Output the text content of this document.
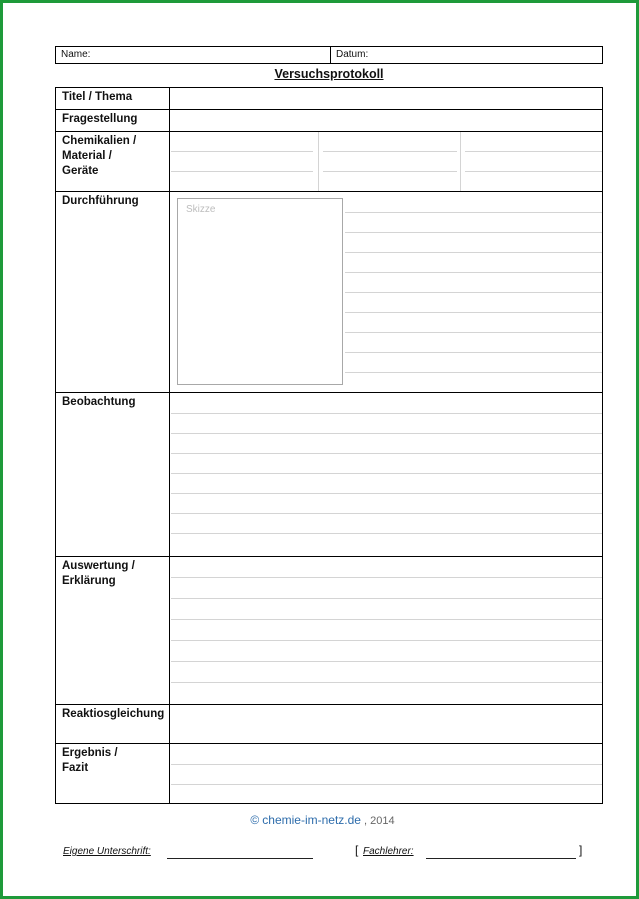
Name:	Datum:
Versuchsprotokoll
Titel / Thema
Fragestellung
Chemikalien /
Material /
Geräte
Durchführung
Skizze
Beobachtung
Auswertung /
Erklärung
Reaktiosgleichung
Ergebnis /
Fazit
© chemie-im-netz.de , 2014
Eigene Unterschrift:	[ Fachlehrer:	]
